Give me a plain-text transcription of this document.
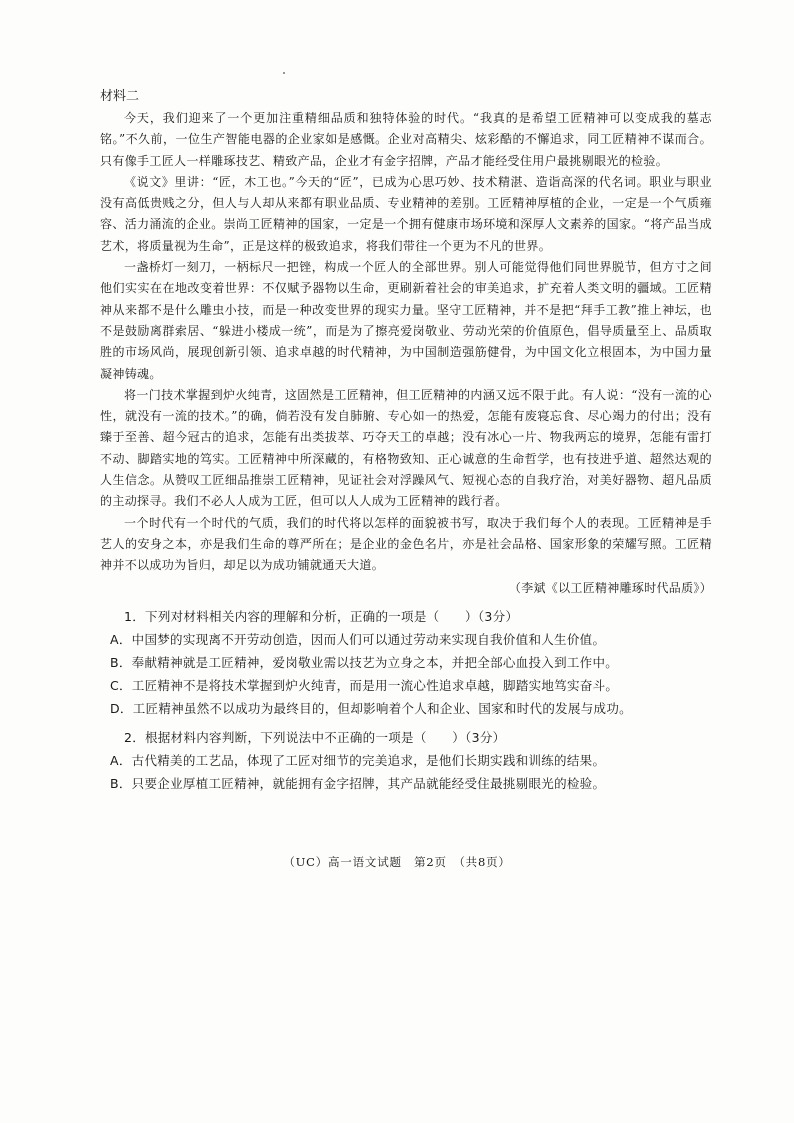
材料二

今天，我们迎来了一个更加注重精细品质和独特体验的时代。“我真的是希望工匠精神可以变成我的墓志铭。”不久前，一位生产智能电器的企业家如是感慨。企业对高精尖、炫彩酷的不懈追求，同工匠精神不谋而合。只有像手工匠人一样雕琢技艺、精致产品，企业才有金字招牌，产品才能经受住用户最挑剔眼光的检验。

《说文》里讲：“匠，木工也。”今天的“匠”，已成为心思巧妙、技术精湛、造诣高深的代名词。职业与职业没有高低贵贱之分，但人与人却从来都有职业品质、专业精神的差别。工匠精神厚植的企业，一定是一个气质雍容、活力涌流的企业。崇尚工匠精神的国家，一定是一个拥有健康市场环境和深厚人文素养的国家。“将产品当成艺术，将质量视为生命”，正是这样的极致追求，将我们带往一个更为不凡的世界。

一盏桥灯一刻刀，一柄标尺一把锉，构成一个匠人的全部世界。别人可能觉得他们同世界脱节，但方寸之间他们实实在在地改变着世界：不仅赋予器物以生命，更刷新着社会的审美追求，扩充着人类文明的疆域。工匠精神从来都不是什么雕虫小技，而是一种改变世界的现实力量。坚守工匠精神，并不是把“拜手工教”推上神坛，也不是鼓励离群索居、“躲进小楼成一统”，而是为了擦亮爱岗敬业、劳动光荣的价值原色，倡导质量至上、品质取胜的市场风尚，展现创新引领、追求卓越的时代精神，为中国制造强筋健骨，为中国文化立根固本，为中国力量凝神铸魂。

将一门技术掌握到炉火纯青，这固然是工匠精神，但工匠精神的内涵又远不限于此。有人说：“没有一流的心性，就没有一流的技术。”的确，倘若没有发自肺腑、专心如一的热爱，怎能有废寝忘食、尽心竭力的付出；没有臻于至善、超今冠古的追求，怎能有出类拔萃、巧夺天工的卓越；没有冰心一片、物我两忘的境界，怎能有雷打不动、脚踏实地的笃实。工匠精神中所深藏的，有格物致知、正心诚意的生命哲学，也有技进乎道、超然达观的人生信念。从赞叹工匠细品推崇工匠精神，见证社会对浮躁风气、短视心态的自我疗治，对美好器物、超凡品质的主动探寻。我们不必人人成为工匠，但可以人人成为工匠精神的践行者。

一个时代有一个时代的气质，我们的时代将以怎样的面貌被书写，取决于我们每个人的表现。工匠精神是手艺人的安身之本，亦是我们生命的尊严所在；是企业的金色名片，亦是社会品格、国家形象的荣耀写照。工匠精神并不以成功为旨归，却足以为成功铺就通天大道。

（李斌《以工匠精神雕琢时代品质》）

1．下列对材料相关内容的理解和分析，正确的一项是（　　）（3分）

A．中国梦的实现离不开劳动创造，因而人们可以通过劳动来实现自我价值和人生价值。

B．奉献精神就是工匠精神，爱岗敬业需以技艺为立身之本，并把全部心血投入到工作中。

C．工匠精神不是将技术掌握到炉火纯青，而是用一流心性追求卓越，脚踏实地笃实奋斗。

D．工匠精神虽然不以成功为最终目的，但却影响着个人和企业、国家和时代的发展与成功。

2．根据材料内容判断，下列说法中不正确的一项是（　　）（3分）

A．古代精美的工艺品，体现了工匠对细节的完美追求，是他们长期实践和训练的结果。

B．只要企业厚植工匠精神，就能拥有金字招牌，其产品就能经受住最挑剔眼光的检验。

（UC）高一语文试题　第2页　（共8页）
